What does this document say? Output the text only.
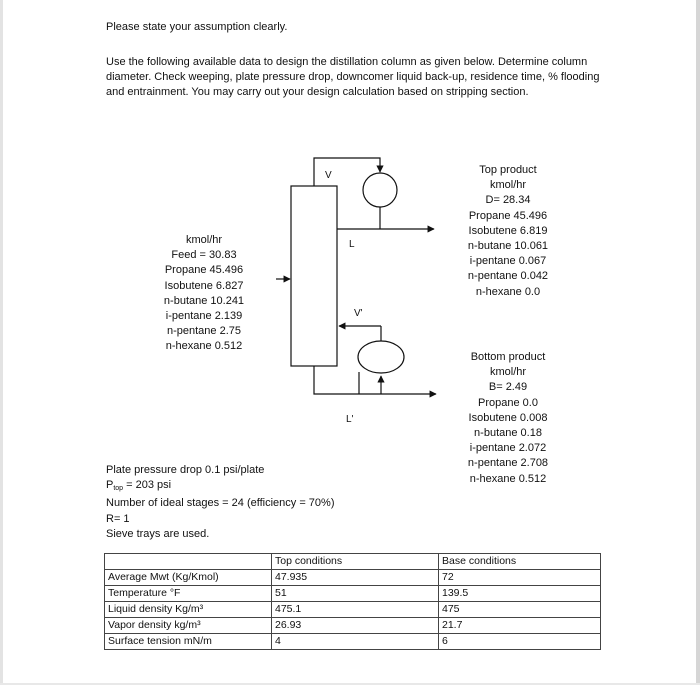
Please state your assumption clearly.

Use the following available data to design the distillation column as given below. Determine column diameter. Check weeping, plate pressure drop, downcomer liquid back-up, residence time, % flooding and entrainment. You may carry out your design calculation based on stripping section.

V
L
V'
L'
kmol/hr
Feed = 30.83
Propane 45.496
Isobutene 6.827
n-butane 10.241
i-pentane 2.139
n-pentane 2.75
n-hexane 0.512
Top product
kmol/hr
D= 28.34
Propane 45.496
Isobutene 6.819
n-butane 10.061
i-pentane 0.067
n-pentane 0.042
n-hexane 0.0
Bottom product
kmol/hr
B= 2.49
Propane 0.0
Isobutene 0.008
n-butane 0.18
i-pentane 2.072
n-pentane 2.708
n-hexane 0.512
Plate pressure drop 0.1 psi/plate
$P_{top} = 203$ psi
Number of ideal stages = 24 (efficiency = 70%)
R= 1
Sieve trays are used.
	Top conditions	Base conditions
Average Mwt (Kg/Kmol)	47.935	72
Temperature °F	51	139.5
Liquid density Kg/m³	475.1	475
Vapor density kg/m³	26.93	21.7
Surface tension mN/m	4	6
